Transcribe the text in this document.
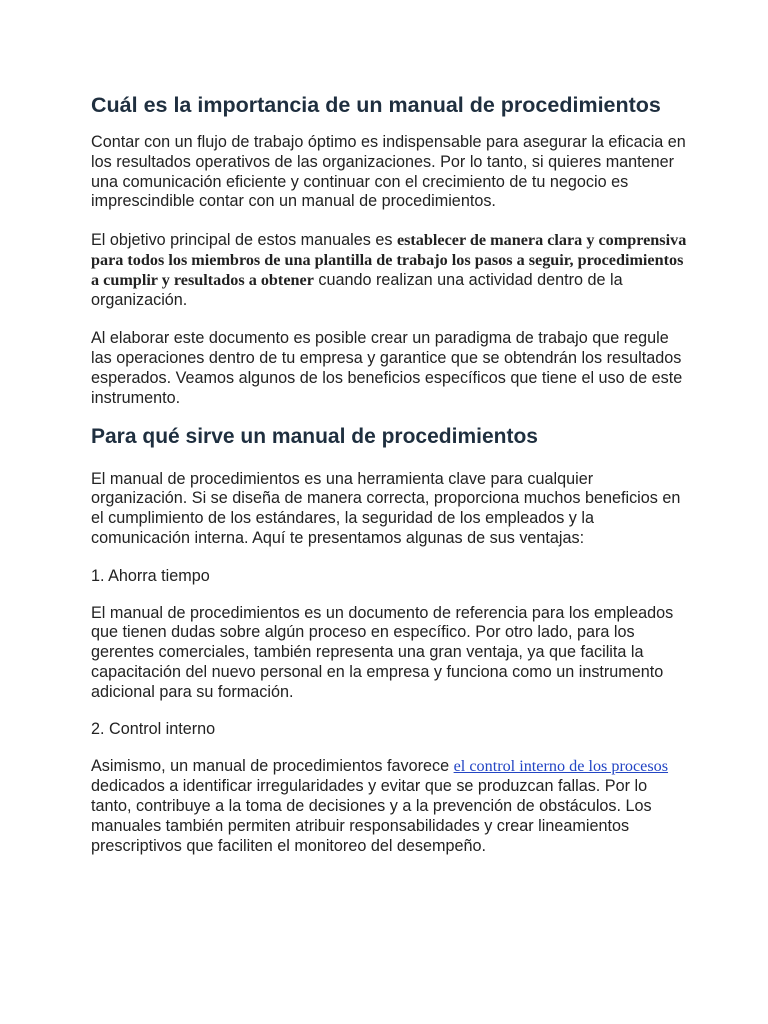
Cuál es la importancia de un manual de procedimientos

Contar con un flujo de trabajo óptimo es indispensable para asegurar la eficacia en los resultados operativos de las organizaciones. Por lo tanto, si quieres mantener una comunicación eficiente y continuar con el crecimiento de tu negocio es imprescindible contar con un manual de procedimientos.

El objetivo principal de estos manuales es establecer de manera clara y comprensiva para todos los miembros de una plantilla de trabajo los pasos a seguir, procedimientos a cumplir y resultados a obtener cuando realizan una actividad dentro de la organización.

Al elaborar este documento es posible crear un paradigma de trabajo que regule las operaciones dentro de tu empresa y garantice que se obtendrán los resultados esperados. Veamos algunos de los beneficios específicos que tiene el uso de este instrumento.

Para qué sirve un manual de procedimientos

El manual de procedimientos es una herramienta clave para cualquier organización. Si se diseña de manera correcta, proporciona muchos beneficios en el cumplimiento de los estándares, la seguridad de los empleados y la comunicación interna. Aquí te presentamos algunas de sus ventajas:

1. Ahorra tiempo

El manual de procedimientos es un documento de referencia para los empleados que tienen dudas sobre algún proceso en específico. Por otro lado, para los gerentes comerciales, también representa una gran ventaja, ya que facilita la capacitación del nuevo personal en la empresa y funciona como un instrumento adicional para su formación.

2. Control interno

Asimismo, un manual de procedimientos favorece el control interno de los procesos dedicados a identificar irregularidades y evitar que se produzcan fallas. Por lo tanto, contribuye a la toma de decisiones y a la prevención de obstáculos. Los manuales también permiten atribuir responsabilidades y crear lineamientos prescriptivos que faciliten el monitoreo del desempeño.
